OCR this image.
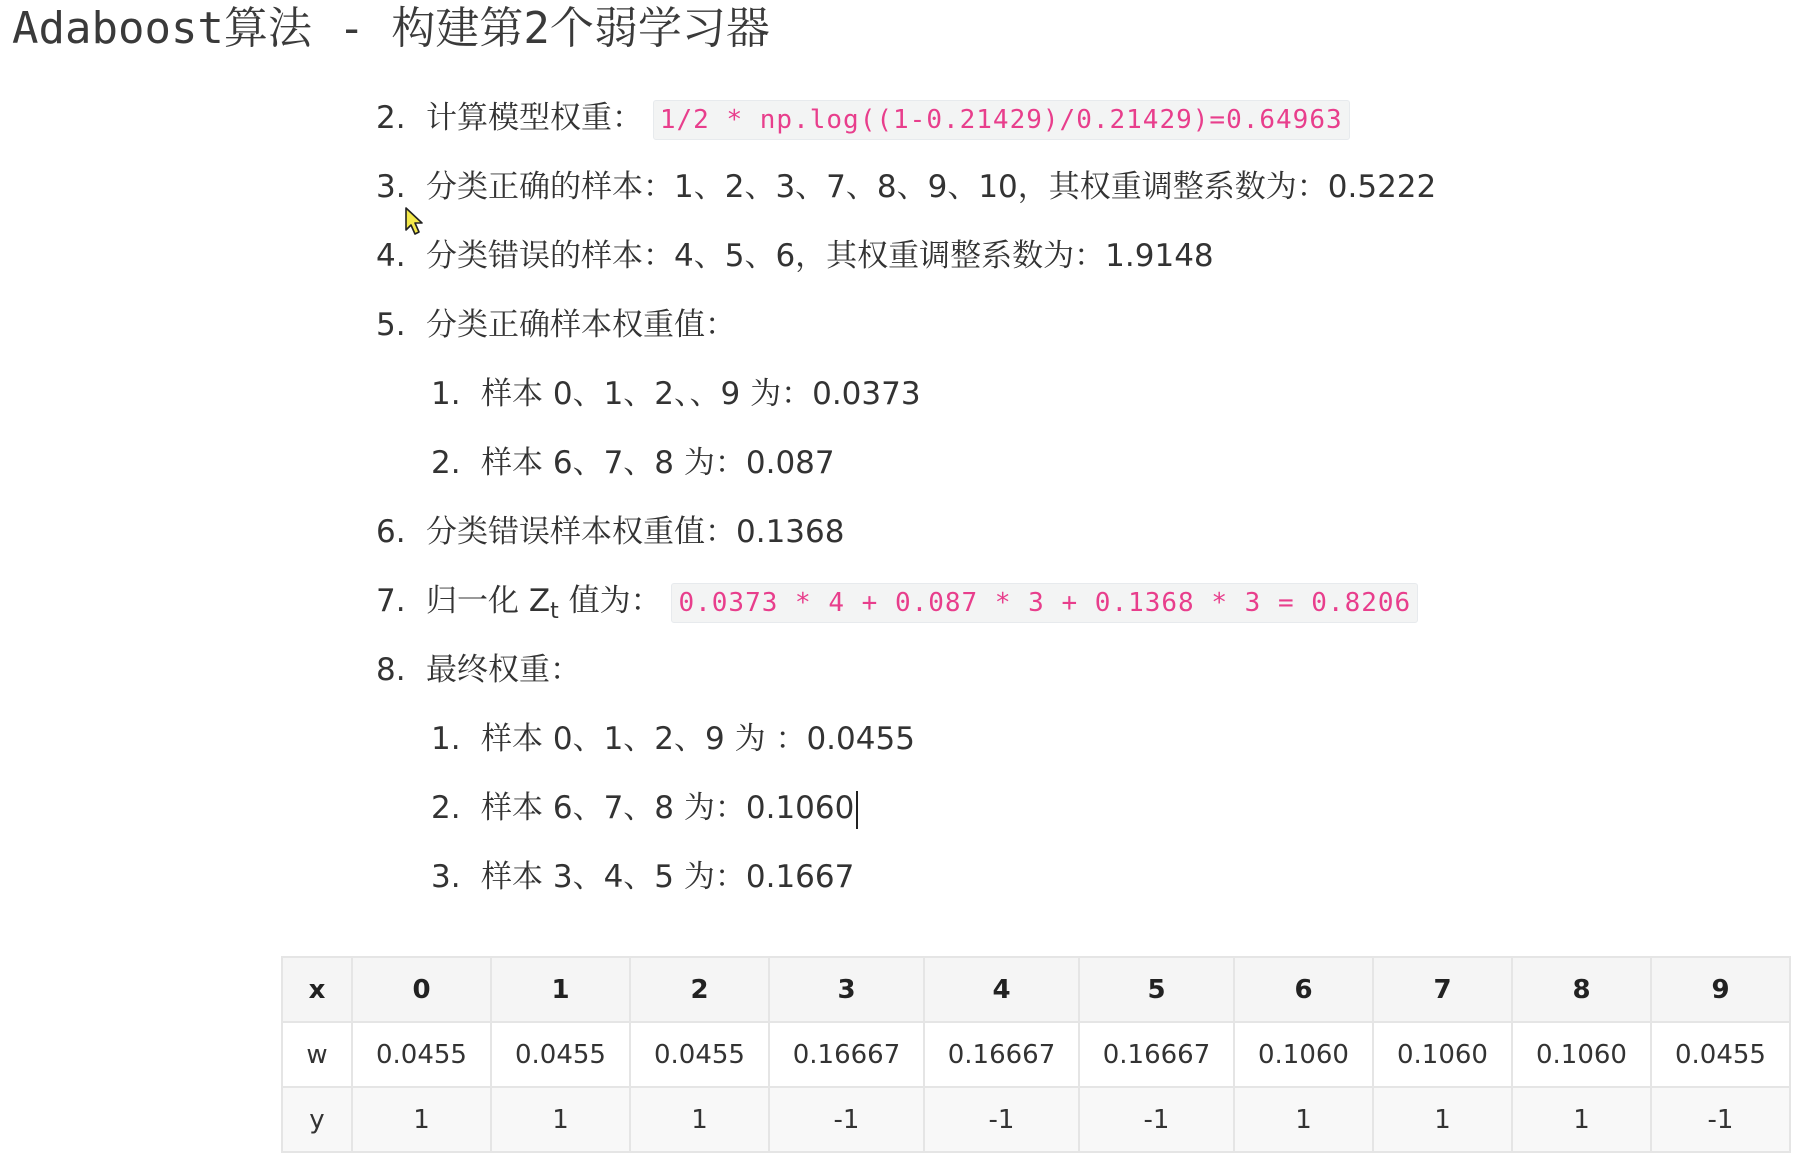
Adaboost算法 - 构建第2个弱学习器
2. 计算模型权重： 1/2 * np.log((1-0.21429)/0.21429)=0.64963
3. 分类正确的样本：1、2、3、7、8、9、10，其权重调整系数为：0.5222
4. 分类错误的样本：4、5、6，其权重调整系数为：1.9148
5. 分类正确样本权重值：
1. 样本 0、1、2、、9 为：0.0373
2. 样本 6、7、8 为：0.087
6. 分类错误样本权重值：0.1368
7. 归一化 $Z_t$ 值为： 0.0373 * 4 + 0.087 * 3 + 0.1368 * 3 = 0.8206
8. 最终权重：
1. 样本 0、1、2、9 为 ：0.0455
2. 样本 6、7、8 为：0.1060
3. 样本 3、4、5 为：0.1667
x	0	1	2	3	4	5	6	7	8	9
w	0.0455	0.0455	0.0455	0.16667	0.16667	0.16667	0.1060	0.1060	0.1060	0.0455
y	1	1	1	-1	-1	-1	1	1	1	-1
